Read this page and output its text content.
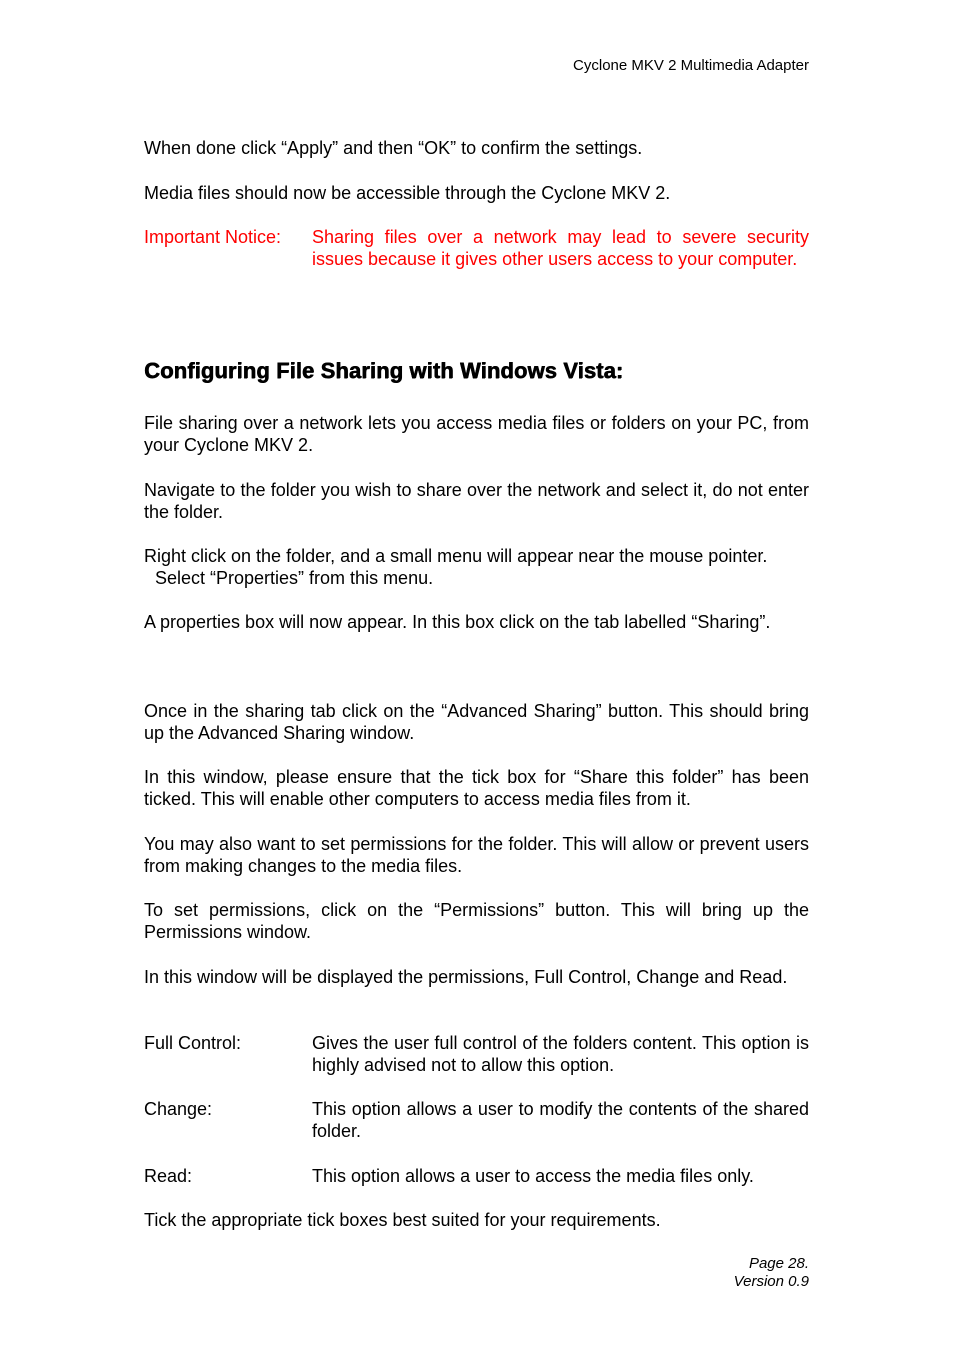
Cyclone MKV 2 Multimedia Adapter

When done click “Apply” and then “OK” to confirm the settings.

Media files should now be accessible through the Cyclone MKV 2.

Important Notice: Sharing files over a network may lead to severe security issues because it gives other users access to your computer.

Configuring File Sharing with Windows Vista:

File sharing over a network lets you access media files or folders on your PC, from your Cyclone MKV 2.

Navigate to the folder you wish to share over the network and select it, do not enter the folder.

Right click on the folder, and a small menu will appear near the mouse pointer.

Select “Properties” from this menu.

A properties box will now appear. In this box click on the tab labelled “Sharing”.

Once in the sharing tab click on the “Advanced Sharing” button. This should bring up the Advanced Sharing window.

In this window, please ensure that the tick box for “Share this folder” has been ticked. This will enable other computers to access media files from it.

You may also want to set permissions for the folder. This will allow or prevent users from making changes to the media files.

To set permissions, click on the “Permissions” button. This will bring up the Permissions window.

In this window will be displayed the permissions, Full Control, Change and Read.

Full Control:	Gives the user full control of the folders content. This option is highly advised not to allow this option.

Change:	This option allows a user to modify the contents of the shared folder.

Read:	This option allows a user to access the media files only.

Tick the appropriate tick boxes best suited for your requirements.

Page 28.
Version 0.9
